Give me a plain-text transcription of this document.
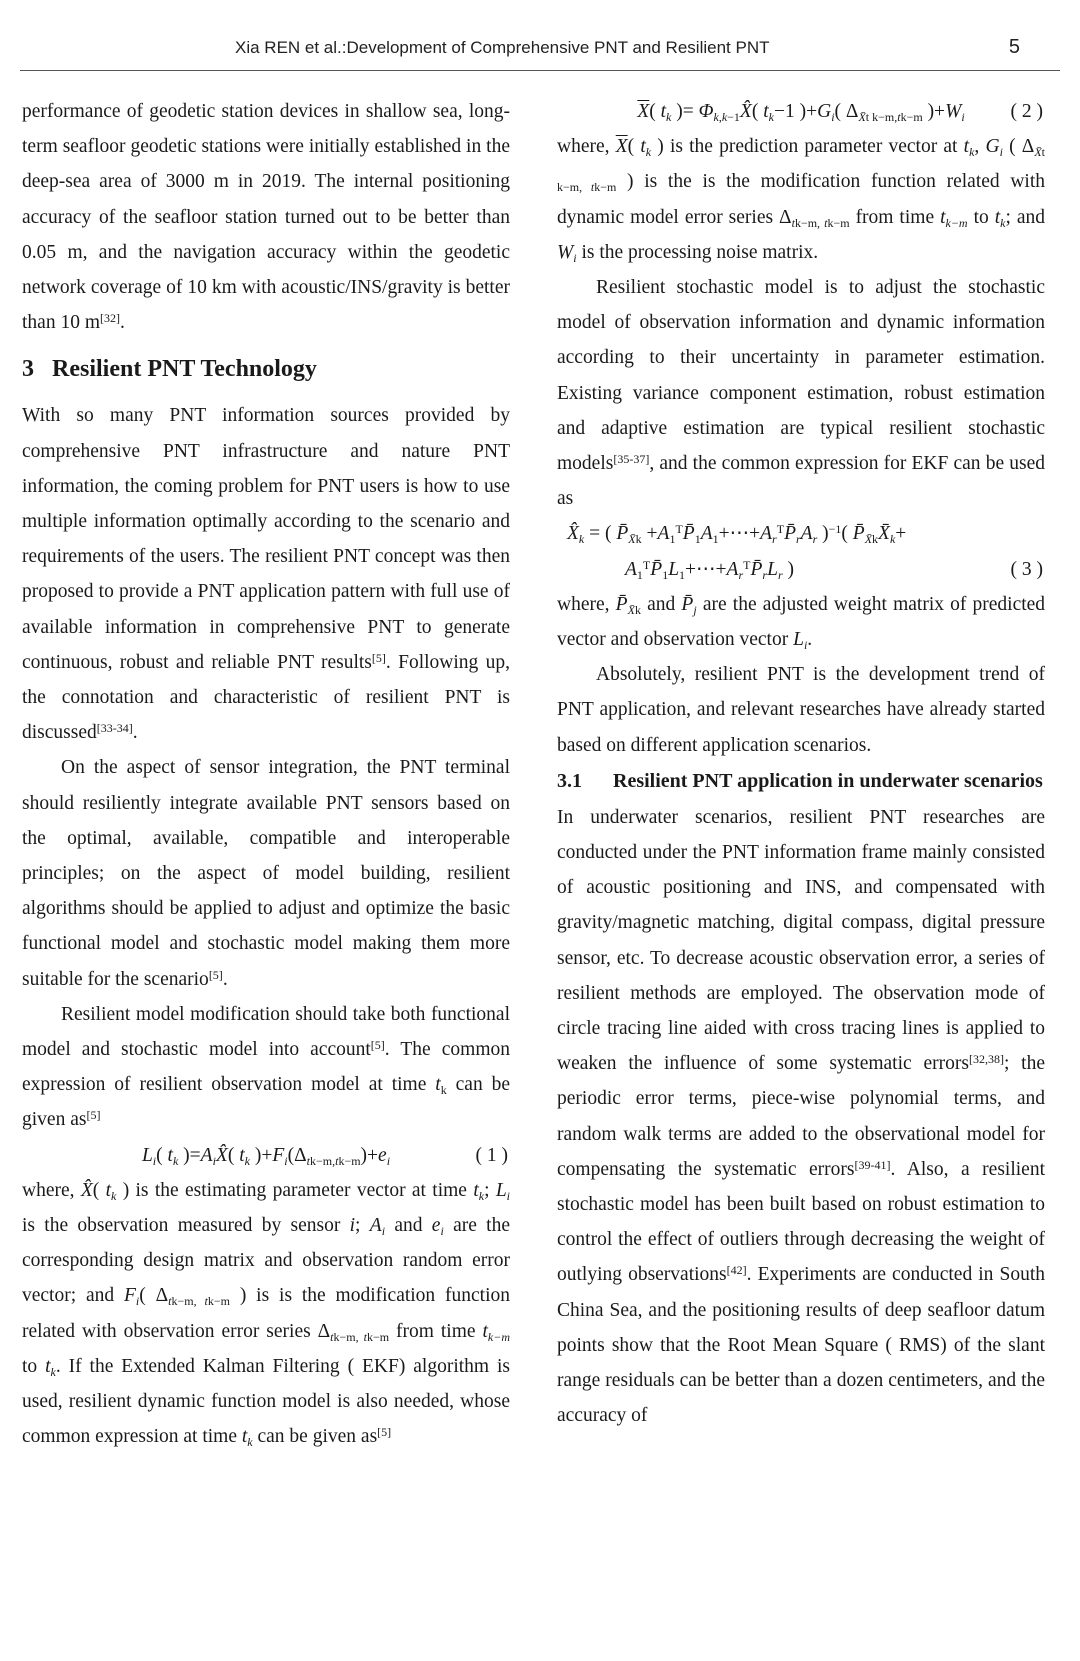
Xia REN et al.:Development of Comprehensive PNT and Resilient PNT	5

performance of geodetic station devices in shallow sea, long-term seafloor geodetic stations were initially established in the deep-sea area of 3000 m in 2019. The internal positioning accuracy of the seafloor station turned out to be better than 0.05 m, and the navigation accuracy within the geodetic network coverage of 10 km with acoustic/INS/gravity is better than 10 m[32].

3 Resilient PNT Technology

With so many PNT information sources provided by comprehensive PNT infrastructure and nature PNT information, the coming problem for PNT users is how to use multiple information optimally according to the scenario and requirements of the users. The resilient PNT concept was then proposed to provide a PNT application pattern with full use of available information in comprehensive PNT to generate continuous, robust and reliable PNT results[5]. Following up, the connotation and characteristic of resilient PNT is discussed[33-34].

On the aspect of sensor integration, the PNT terminal should resiliently integrate available PNT sensors based on the optimal, available, compatible and interoperable principles; on the aspect of model building, resilient algorithms should be applied to adjust and optimize the basic functional model and stochastic model making them more suitable for the scenario[5].

Resilient model modification should take both functional model and stochastic model into account[5]. The common expression of resilient observation model at time $t_k$ can be given as[5]

$L_i$( $t_k$ )$=A_iX̂$( $t_k$ )$+F_i(\Delta_{tk-m,tk-m})+e_i$	( 1 )

where, X̂( $t_k$ ) is the estimating parameter vector at time $t_k$; $L_i$ is the observation measured by sensor i; $A_i$ and $e_i$ are the corresponding design matrix and observation random error vector; and $F_i$( $\Delta_{tk-m, tk-m}$ ) is is the modification function related with observation error series $\Delta_{tk-m, tk-m}$ from time $t_{k-m}$ to $t_k$. If the Extended Kalman Filtering ( EKF) algorithm is used, resilient dynamic function model is also needed, whose common expression at time $t_k$ can be given as[5]

$\overline{X}$( $t_k$ )= $\Phi_{k,k-1}X̂$( $t_k-1$ )$+G_i$( $\Delta_{X̄t k-m,tk-m}$ )$+W_i$	( 2 )

where, $\overline{X}$( $t_k$ ) is the prediction parameter vector at $t_k$, $G_i$ ( $\Delta_{X̄t k-m, tk-m}$ ) is the is the modification function related with dynamic model error series $\Delta_{tk-m, tk-m}$ from time $t_{k-m}$ to $t_k$; and $W_i$ is the processing noise matrix.

Resilient stochastic model is to adjust the stochastic model of observation information and dynamic information according to their uncertainty in parameter estimation. Existing variance component estimation, robust estimation and adaptive estimation are typical resilient stochastic models[35-37], and the common expression for EKF can be used as

$X̂_k$ = ( $P̄_{X̄k}$ $+A_1^TP̄_1A_1+\cdots+A_r^TP̄_rA_r$ )$^{-1}$( $P̄_{X̄k}X̄_k+$
$A_1^TP̄_1L_1+\cdots+A_r^TP̄_rL_r$ )	( 3 )

where, $P̄_{X̄k}$ and $P̄_j$ are the adjusted weight matrix of predicted vector and observation vector $L_i$.

Absolutely, resilient PNT is the development trend of PNT application, and relevant researches have already started based on different application scenarios.

3.1	Resilient PNT application in underwater scenarios

In underwater scenarios, resilient PNT researches are conducted under the PNT information frame mainly consisted of acoustic positioning and INS, and compensated with gravity/magnetic matching, digital compass, digital pressure sensor, etc. To decrease acoustic observation error, a series of resilient methods are employed. The observation mode of circle tracing line aided with cross tracing lines is applied to weaken the influence of some systematic errors[32,38]; the periodic error terms, piece-wise polynomial terms, and random walk terms are added to the observational model for compensating the systematic errors[39-41]. Also, a resilient stochastic model has been built based on robust estimation to control the effect of outliers through decreasing the weight of outlying observations[42]. Experiments are conducted in South China Sea, and the positioning results of deep seafloor datum points show that the Root Mean Square ( RMS) of the slant range residuals can be better than a dozen centimeters, and the accuracy of
